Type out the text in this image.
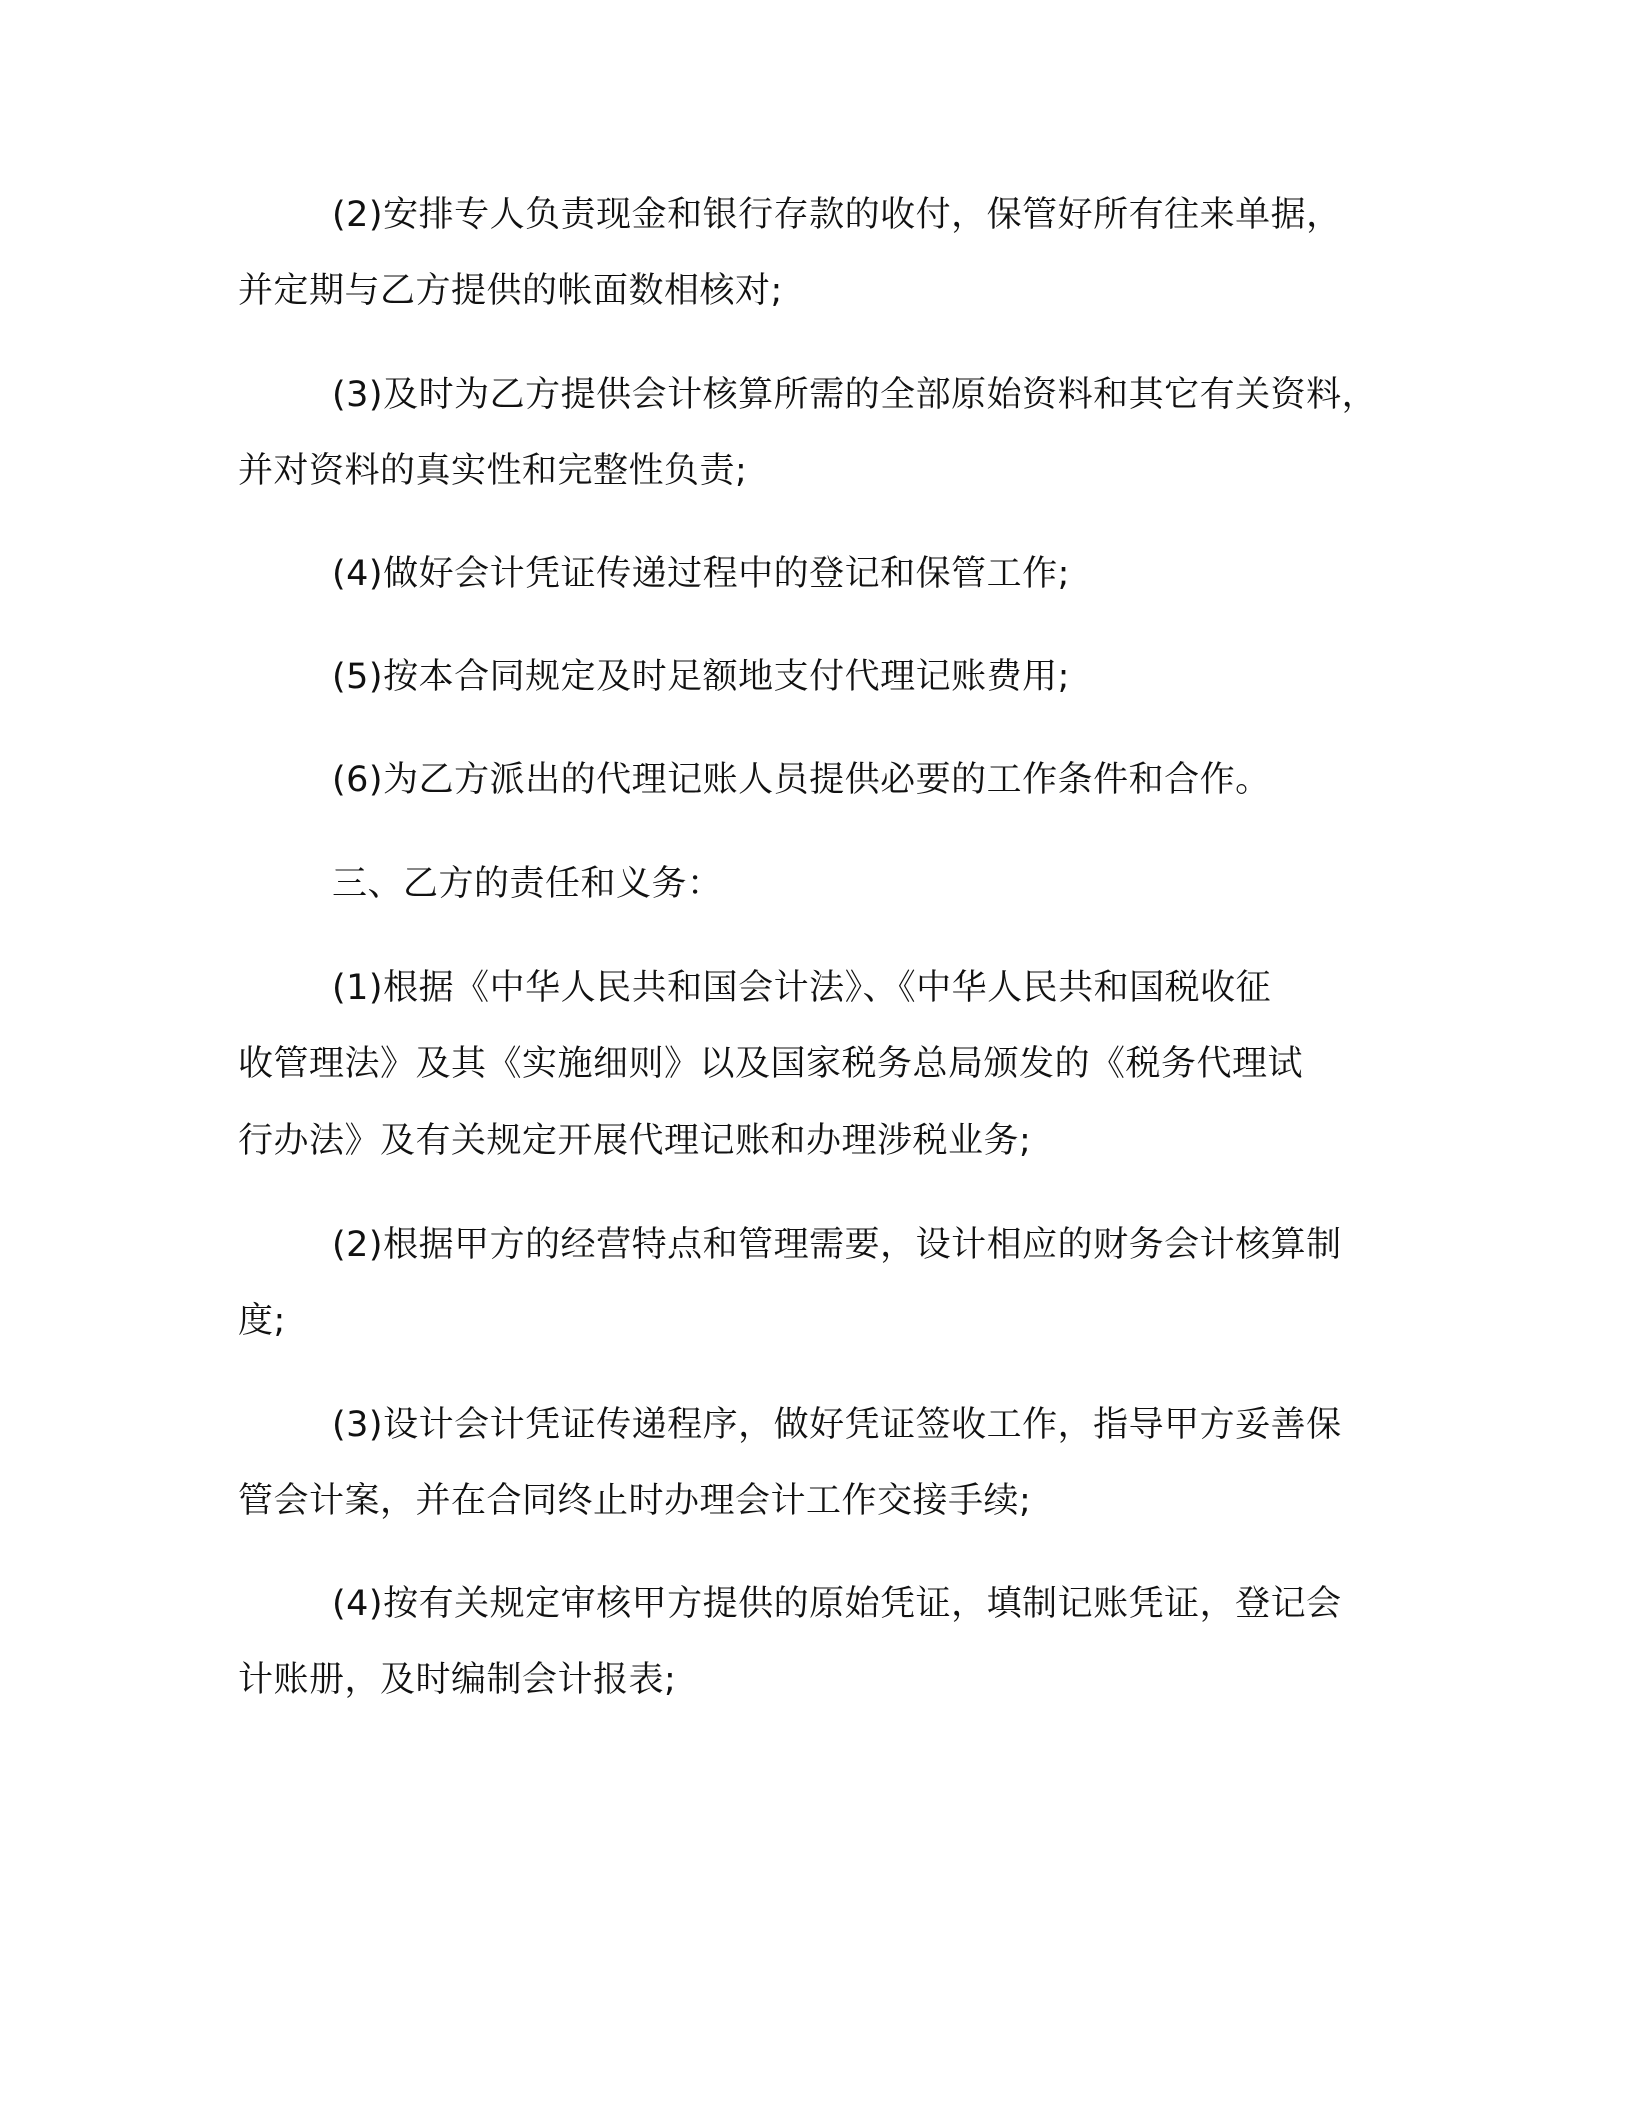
(2)安排专人负责现金和银行存款的收付，保管好所有往来单据，
并定期与乙方提供的帐面数相核对;
(3)及时为乙方提供会计核算所需的全部原始资料和其它有关资料，
并对资料的真实性和完整性负责;
(4)做好会计凭证传递过程中的登记和保管工作;
(5)按本合同规定及时足额地支付代理记账费用;
(6)为乙方派出的代理记账人员提供必要的工作条件和合作。
三、乙方的责任和义务：
(1)根据《中华人民共和国会计法》、《中华人民共和国税收征
收管理法》及其《实施细则》以及国家税务总局颁发的《税务代理试
行办法》及有关规定开展代理记账和办理涉税业务;
(2)根据甲方的经营特点和管理需要，设计相应的财务会计核算制
度;
(3)设计会计凭证传递程序，做好凭证签收工作，指导甲方妥善保
管会计案，并在合同终止时办理会计工作交接手续;
(4)按有关规定审核甲方提供的原始凭证，填制记账凭证，登记会
计账册，及时编制会计报表;
